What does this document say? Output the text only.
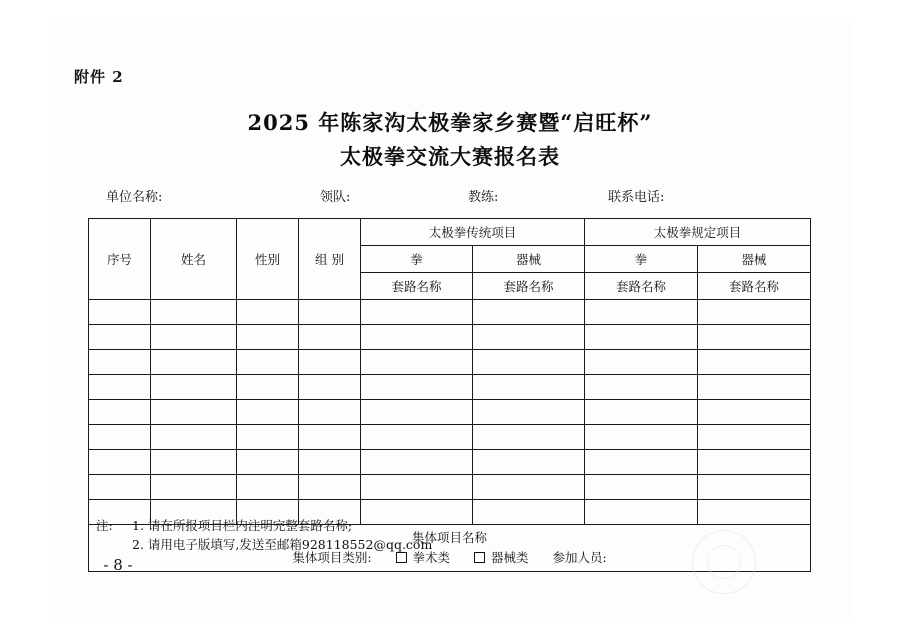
附件 2
2025 年陈家沟太极拳家乡赛暨“启旺杯”
太极拳交流大赛报名表
单位名称:	领队:	教练:	联系电话:
序号	姓名	性别	组 别	太极拳传统项目		太极拳规定项目	
				拳	器械	拳	器械
				套路名称	套路名称	套路名称	套路名称

集体项目名称
集体项目类别: 拳术类 器械类 参加人员:							
注: 1. 请在所报项目栏内注明完整套路名称;
2. 请用电子版填写,发送至邮箱928118552@qq.com
- 8 -
